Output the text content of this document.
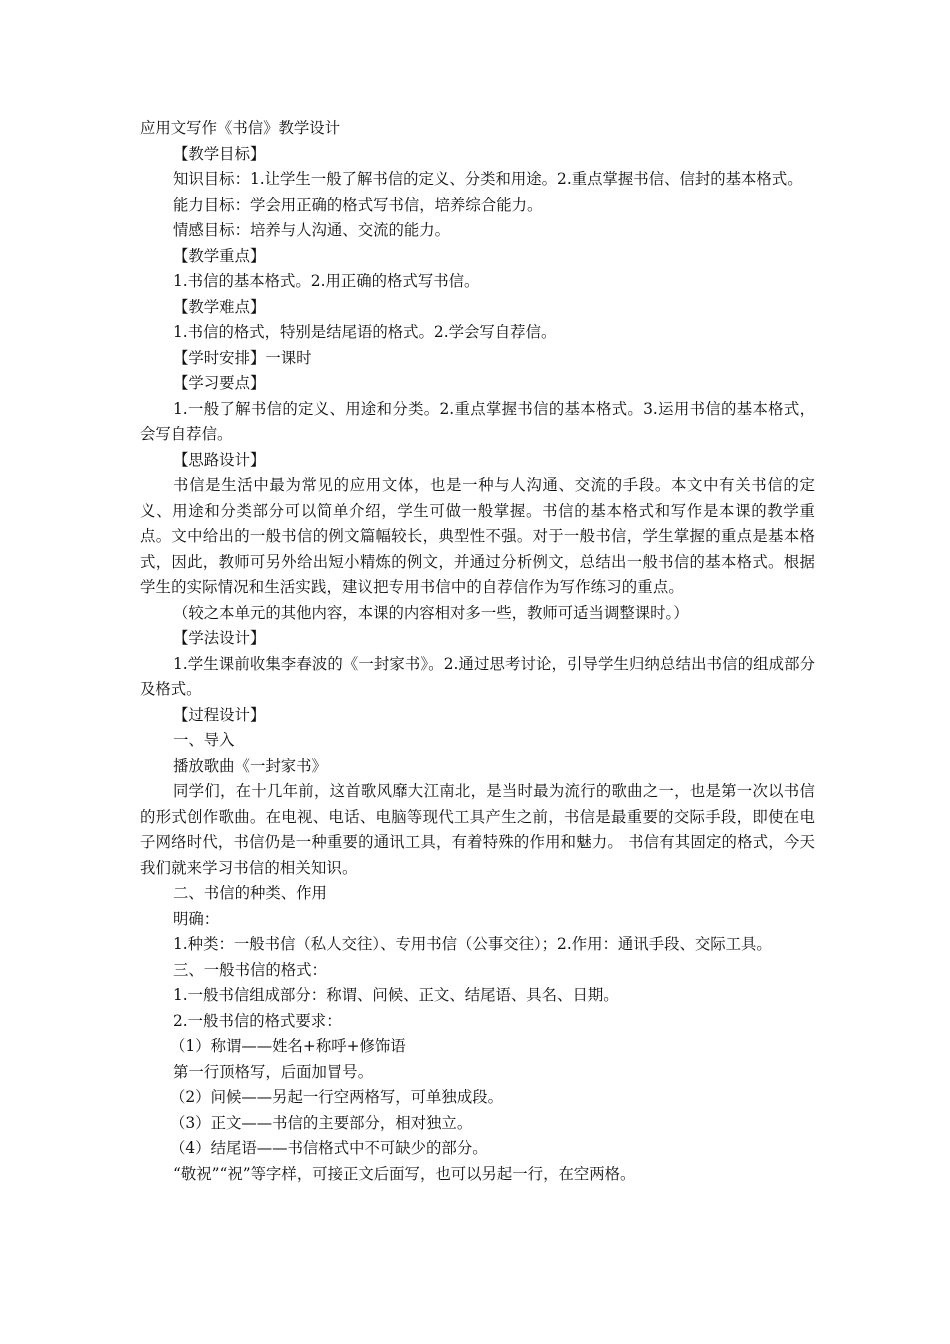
应用文写作《书信》教学设计
【教学目标】
知识目标：1.让学生一般了解书信的定义、分类和用途。2.重点掌握书信、信封的基本格式。
能力目标：学会用正确的格式写书信，培养综合能力。
情感目标：培养与人沟通、交流的能力。
【教学重点】
1.书信的基本格式。2.用正确的格式写书信。
【教学难点】
1.书信的格式，特别是结尾语的格式。2.学会写自荐信。
【学时安排】一课时
【学习要点】
1.一般了解书信的定义、用途和分类。2.重点掌握书信的基本格式。3.运用书信的基本格式，会写自荐信。
【思路设计】
书信是生活中最为常见的应用文体，也是一种与人沟通、交流的手段。本文中有关书信的定义、用途和分类部分可以简单介绍，学生可做一般掌握。书信的基本格式和写作是本课的教学重点。文中给出的一般书信的例文篇幅较长，典型性不强。对于一般书信，学生掌握的重点是基本格式，因此，教师可另外给出短小精炼的例文，并通过分析例文，总结出一般书信的基本格式。根据学生的实际情况和生活实践，建议把专用书信中的自荐信作为写作练习的重点。
（较之本单元的其他内容，本课的内容相对多一些，教师可适当调整课时。）
【学法设计】
1.学生课前收集李春波的《一封家书》。2.通过思考讨论，引导学生归纳总结出书信的组成部分及格式。
【过程设计】
一、导入
播放歌曲《一封家书》
同学们，在十几年前，这首歌风靡大江南北，是当时最为流行的歌曲之一，也是第一次以书信的形式创作歌曲。在电视、电话、电脑等现代工具产生之前，书信是最重要的交际手段，即使在电子网络时代，书信仍是一种重要的通讯工具，有着特殊的作用和魅力。 书信有其固定的格式，今天我们就来学习书信的相关知识。
二、书信的种类、作用
明确：
1.种类：一般书信（私人交往）、专用书信（公事交往）；2.作用：通讯手段、交际工具。
三、一般书信的格式：
1.一般书信组成部分：称谓、问候、正文、结尾语、具名、日期。
2.一般书信的格式要求：
（1）称谓——姓名+称呼+修饰语
第一行顶格写，后面加冒号。
（2）问候——另起一行空两格写，可单独成段。
（3）正文——书信的主要部分，相对独立。
（4）结尾语——书信格式中不可缺少的部分。
“敬祝”“祝”等字样，可接正文后面写，也可以另起一行，在空两格。
